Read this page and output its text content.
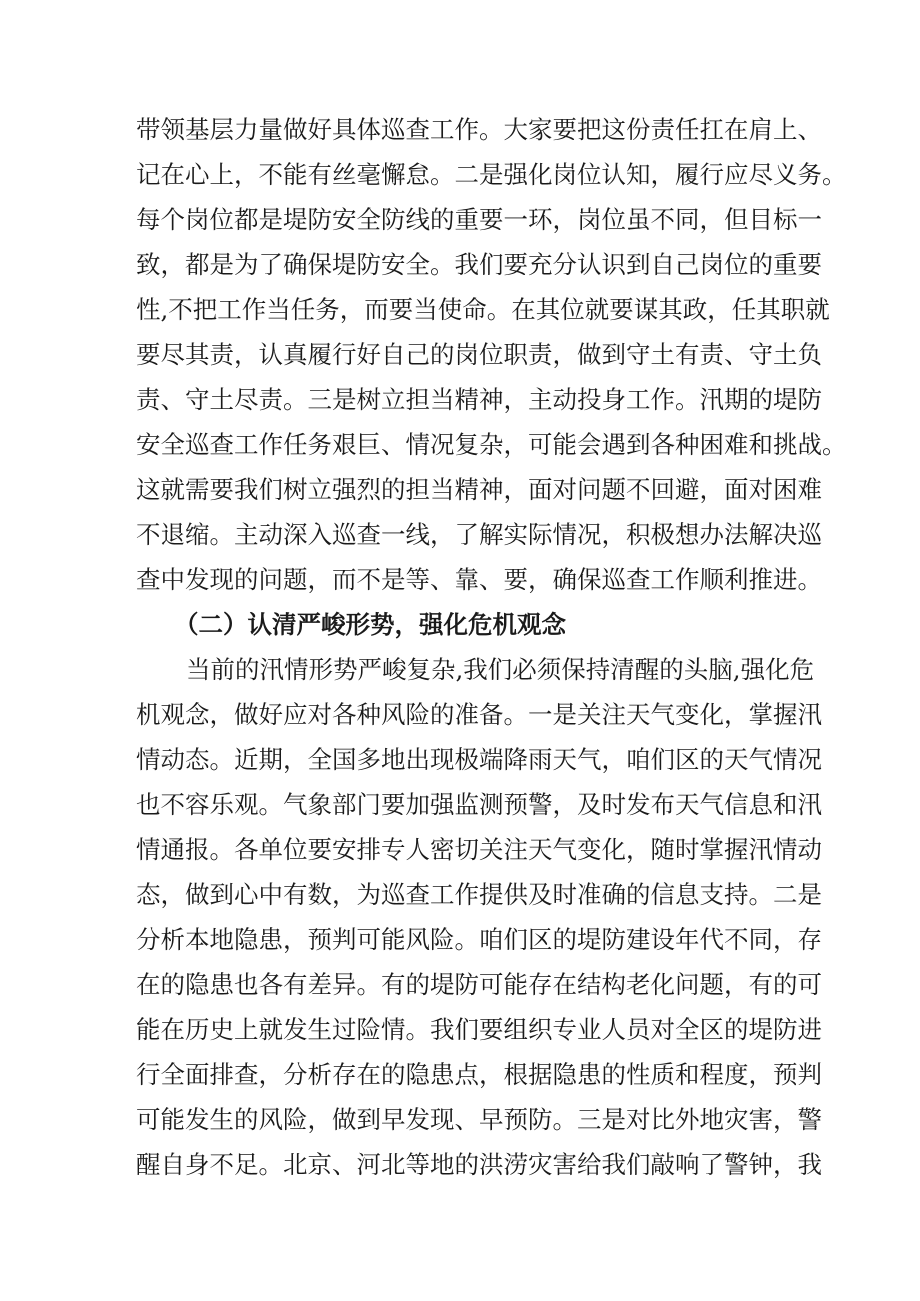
带领基层力量做好具体巡查工作。大家要把这份责任扛在肩上、
记在心上，不能有丝毫懈怠。二是强化岗位认知，履行应尽义务。
每个岗位都是堤防安全防线的重要一环，岗位虽不同，但目标一
致，都是为了确保堤防安全。我们要充分认识到自己岗位的重要
性,不把工作当任务，而要当使命。在其位就要谋其政，任其职就
要尽其责，认真履行好自己的岗位职责，做到守土有责、守土负
责、守土尽责。三是树立担当精神，主动投身工作。汛期的堤防
安全巡查工作任务艰巨、情况复杂，可能会遇到各种困难和挑战。
这就需要我们树立强烈的担当精神，面对问题不回避，面对困难
不退缩。主动深入巡查一线，了解实际情况，积极想办法解决巡
查中发现的问题，而不是等、靠、要，确保巡查工作顺利推进。
（二）认清严峻形势，强化危机观念
当前的汛情形势严峻复杂,我们必须保持清醒的头脑,强化危
机观念，做好应对各种风险的准备。一是关注天气变化，掌握汛
情动态。近期，全国多地出现极端降雨天气，咱们区的天气情况
也不容乐观。气象部门要加强监测预警，及时发布天气信息和汛
情通报。各单位要安排专人密切关注天气变化，随时掌握汛情动
态，做到心中有数，为巡查工作提供及时准确的信息支持。二是
分析本地隐患，预判可能风险。咱们区的堤防建设年代不同，存
在的隐患也各有差异。有的堤防可能存在结构老化问题，有的可
能在历史上就发生过险情。我们要组织专业人员对全区的堤防进
行全面排查，分析存在的隐患点，根据隐患的性质和程度，预判
可能发生的风险，做到早发现、早预防。三是对比外地灾害，警
醒自身不足。北京、河北等地的洪涝灾害给我们敲响了警钟，我
